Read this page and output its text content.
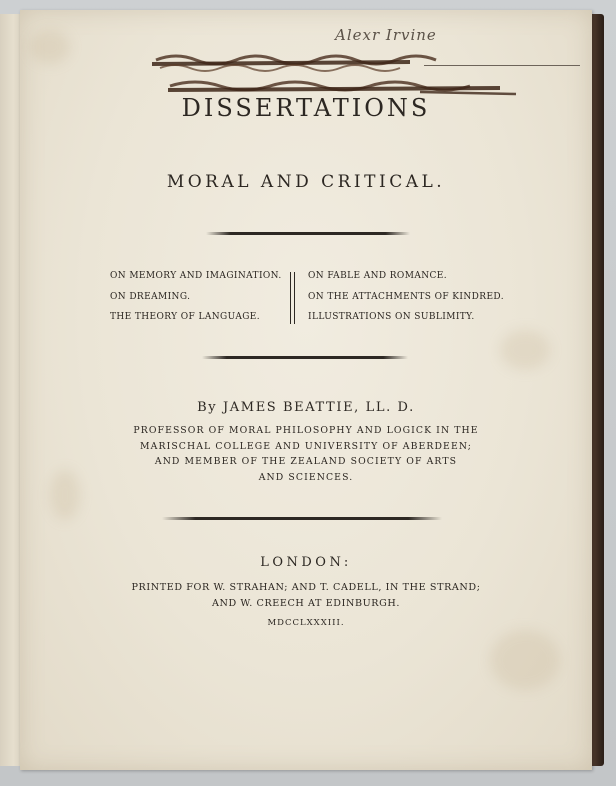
Alexr Irvine
DISSERTATIONS
MORAL AND CRITICAL.
ON MEMORY AND IMAGINATION.
ON DREAMING.
THE THEORY OF LANGUAGE.
ON FABLE AND ROMANCE.
ON THE ATTACHMENTS OF KINDRED.
ILLUSTRATIONS ON SUBLIMITY.
By JAMES BEATTIE, LL. D.
PROFESSOR OF MORAL PHILOSOPHY AND LOGICK IN THE
MARISCHAL COLLEGE AND UNIVERSITY OF ABERDEEN;
AND MEMBER OF THE ZEALAND SOCIETY OF ARTS
AND SCIENCES.
LONDON:
PRINTED FOR W. STRAHAN; AND T. CADELL, IN THE STRAND;
AND W. CREECH AT EDINBURGH.
MDCCLXXXIII.
